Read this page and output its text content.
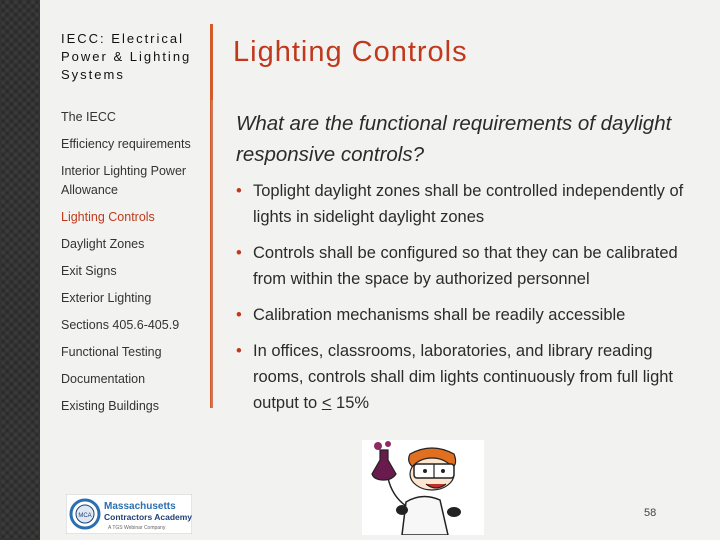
IECC: Electrical Power & Lighting Systems
The IECC
Efficiency requirements
Interior Lighting Power Allowance
Lighting Controls
Daylight Zones
Exit Signs
Exterior Lighting
Sections 405.6-405.9
Functional Testing
Documentation
Existing Buildings
Lighting Controls

What are the functional requirements of daylight responsive controls?

• Toplight daylight zones shall be controlled independently of lights in sidelight daylight zones
• Controls shall be configured so that they can be calibrated from within the space by authorized personnel
• Calibration mechanisms shall be readily accessible
• In offices, classrooms, laboratories, and library reading rooms, controls shall dim lights continuously from full light output to < 15%
MCA
Massachusetts
Contractors Academy
A TGS Webinar Company
58
